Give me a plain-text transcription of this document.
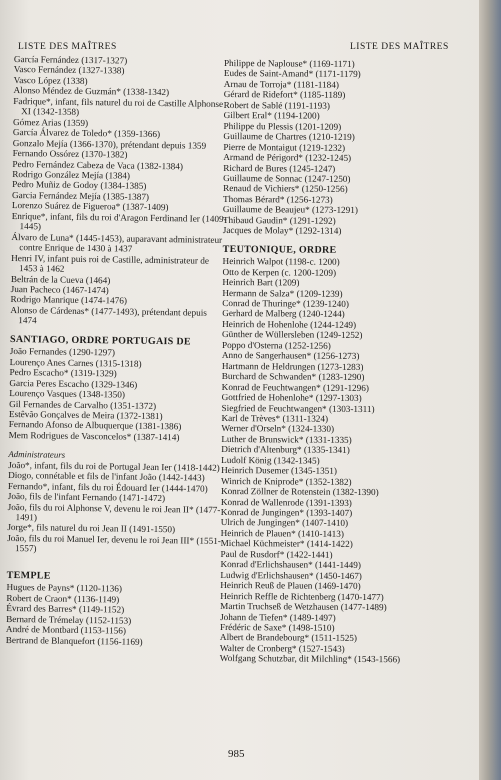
LISTE DES MAÎTRES	LISTE DES MAÎTRES
García Fernández (1317-1327)
Vasco Fernández (1327-1338)
Vasco López (1338)
Alonso Méndez de Guzmán* (1338-1342)
Fadrique*, infant, fils naturel du roi de Castille Alphonse XI (1342-1358)
Gómez Arias (1359)
García Álvarez de Toledo* (1359-1366)
Gonzalo Mejía (1366-1370), prétendant depuis 1359
Fernando Ossórez (1370-1382)
Pedro Fernández Cabeza de Vaca (1382-1384)
Rodrigo González Mejía (1384)
Pedro Muñiz de Godoy (1384-1385)
Garcia Fernández Mejía (1385-1387)
Lorenzo Suárez de Figueroa* (1387-1409)
Enrique*, infant, fils du roi d'Aragon Ferdinand Ier (1409-1445)
Álvaro de Luna* (1445-1453), auparavant administrateur contre Enrique de 1430 à 1437
Henri IV, infant puis roi de Castille, administrateur de 1453 à 1462
Beltrán de la Cueva (1464)
Juan Pacheco (1467-1474)
Rodrigo Manrique (1474-1476)
Alonso de Cárdenas* (1477-1493), prétendant depuis 1474
SANTIAGO, ORDRE PORTUGAIS DE
João Fernandes (1290-1297)
Lourenço Anes Carnes (1315-1318)
Pedro Escacho* (1319-1329)
Garcia Peres Escacho (1329-1346)
Lourenço Vasques (1348-1350)
Gil Fernandes de Carvalho (1351-1372)
Estêvão Gonçalves de Meira (1372-1381)
Fernando Afonso de Albuquerque (1381-1386)
Mem Rodrigues de Vasconcelos* (1387-1414)
Administrateurs
João*, infant, fils du roi de Portugal Jean Ier (1418-1442)
Diogo, connétable et fils de l'infant João (1442-1443)
Fernando*, infant, fils du roi Édouard Ier (1444-1470)
João, fils de l'infant Fernando (1471-1472)
João, fils du roi Alphonse V, devenu le roi Jean II* (1477-1491)
Jorge*, fils naturel du roi Jean II (1491-1550)
João, fils du roi Manuel Ier, devenu le roi Jean III* (1551-1557)
TEMPLE
Hugues de Payns* (1120-1136)
Robert de Craon* (1136-1149)
Évrard des Barres* (1149-1152)
Bernard de Trémelay (1152-1153)
André de Montbard (1153-1156)
Bertrand de Blanquefort (1156-1169)
Philippe de Naplouse* (1169-1171)
Eudes de Saint-Amand* (1171-1179)
Arnau de Torroja* (1181-1184)
Gérard de Ridefort* (1185-1189)
Robert de Sablé (1191-1193)
Gilbert Eral* (1194-1200)
Philippe du Plessis (1201-1209)
Guillaume de Chartres (1210-1219)
Pierre de Montaigut (1219-1232)
Armand de Périgord* (1232-1245)
Richard de Bures (1245-1247)
Guillaume de Sonnac (1247-1250)
Renaud de Vichiers* (1250-1256)
Thomas Bérard* (1256-1273)
Guillaume de Beaujeu* (1273-1291)
Thibaud Gaudin* (1291-1292)
Jacques de Molay* (1292-1314)
TEUTONIQUE, ORDRE
Heinrich Walpot (1198-c. 1200)
Otto de Kerpen (c. 1200-1209)
Heinrich Bart (1209)
Hermann de Salza* (1209-1239)
Conrad de Thuringe* (1239-1240)
Gerhard de Malberg (1240-1244)
Heinrich de Hohenlohe (1244-1249)
Günther de Wüllersleben (1249-1252)
Poppo d'Osterna (1252-1256)
Anno de Sangerhausen* (1256-1273)
Hartmann de Heldrungen (1273-1283)
Burchard de Schwanden* (1283-1290)
Konrad de Feuchtwangen* (1291-1296)
Gottfried de Hohenlohe* (1297-1303)
Siegfried de Feuchtwangen* (1303-1311)
Karl de Trèves* (1311-1324)
Werner d'Orseln* (1324-1330)
Luther de Brunswick* (1331-1335)
Dietrich d'Altenburg* (1335-1341)
Ludolf König (1342-1345)
Heinrich Dusemer (1345-1351)
Winrich de Kniprode* (1352-1382)
Konrad Zöllner de Rotenstein (1382-1390)
Konrad de Wallenrode (1391-1393)
Konrad de Jungingen* (1393-1407)
Ulrich de Jungingen* (1407-1410)
Heinrich de Plauen* (1410-1413)
Michael Küchmeister* (1414-1422)
Paul de Rusdorf* (1422-1441)
Konrad d'Erlichshausen* (1441-1449)
Ludwig d'Erlichshausen* (1450-1467)
Heinrich Reuß de Plauen (1469-1470)
Heinrich Reffle de Richtenberg (1470-1477)
Martin Truchseß de Wetzhausen (1477-1489)
Johann de Tiefen* (1489-1497)
Frédéric de Saxe* (1498-1510)
Albert de Brandebourg* (1511-1525)
Walter de Cronberg* (1527-1543)
Wolfgang Schutzbar, dit Milchling* (1543-1566)
985
